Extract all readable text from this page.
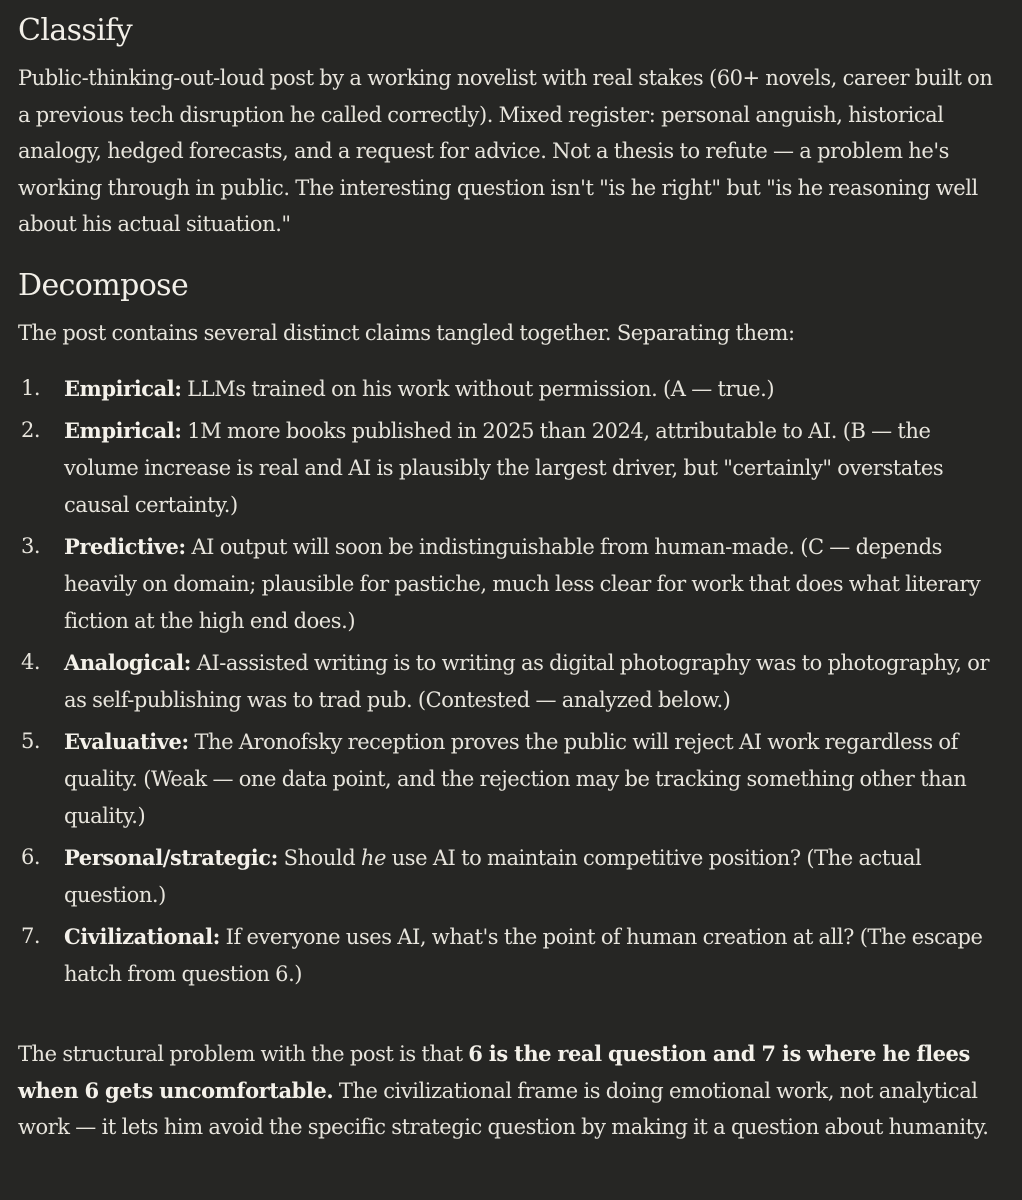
Classify

Public-thinking-out-loud post by a working novelist with real stakes (60+ novels, career built on a previous tech disruption he called correctly). Mixed register: personal anguish, historical analogy, hedged forecasts, and a request for advice. Not a thesis to refute — a problem he's working through in public. The interesting question isn't "is he right" but "is he reasoning well about his actual situation."

Decompose

The post contains several distinct claims tangled together. Separating them:

1. Empirical: LLMs trained on his work without permission. (A — true.)
2. Empirical: 1M more books published in 2025 than 2024, attributable to AI. (B — the volume increase is real and AI is plausibly the largest driver, but "certainly" overstates causal certainty.)
3. Predictive: AI output will soon be indistinguishable from human-made. (C — depends heavily on domain; plausible for pastiche, much less clear for work that does what literary fiction at the high end does.)
4. Analogical: AI-assisted writing is to writing as digital photography was to photography, or as self-publishing was to trad pub. (Contested — analyzed below.)
5. Evaluative: The Aronofsky reception proves the public will reject AI work regardless of quality. (Weak — one data point, and the rejection may be tracking something other than quality.)
6. Personal/strategic: Should he use AI to maintain competitive position? (The actual question.)
7. Civilizational: If everyone uses AI, what's the point of human creation at all? (The escape hatch from question 6.)

The structural problem with the post is that 6 is the real question and 7 is where he flees when 6 gets uncomfortable. The civilizational frame is doing emotional work, not analytical work — it lets him avoid the specific strategic question by making it a question about humanity.
